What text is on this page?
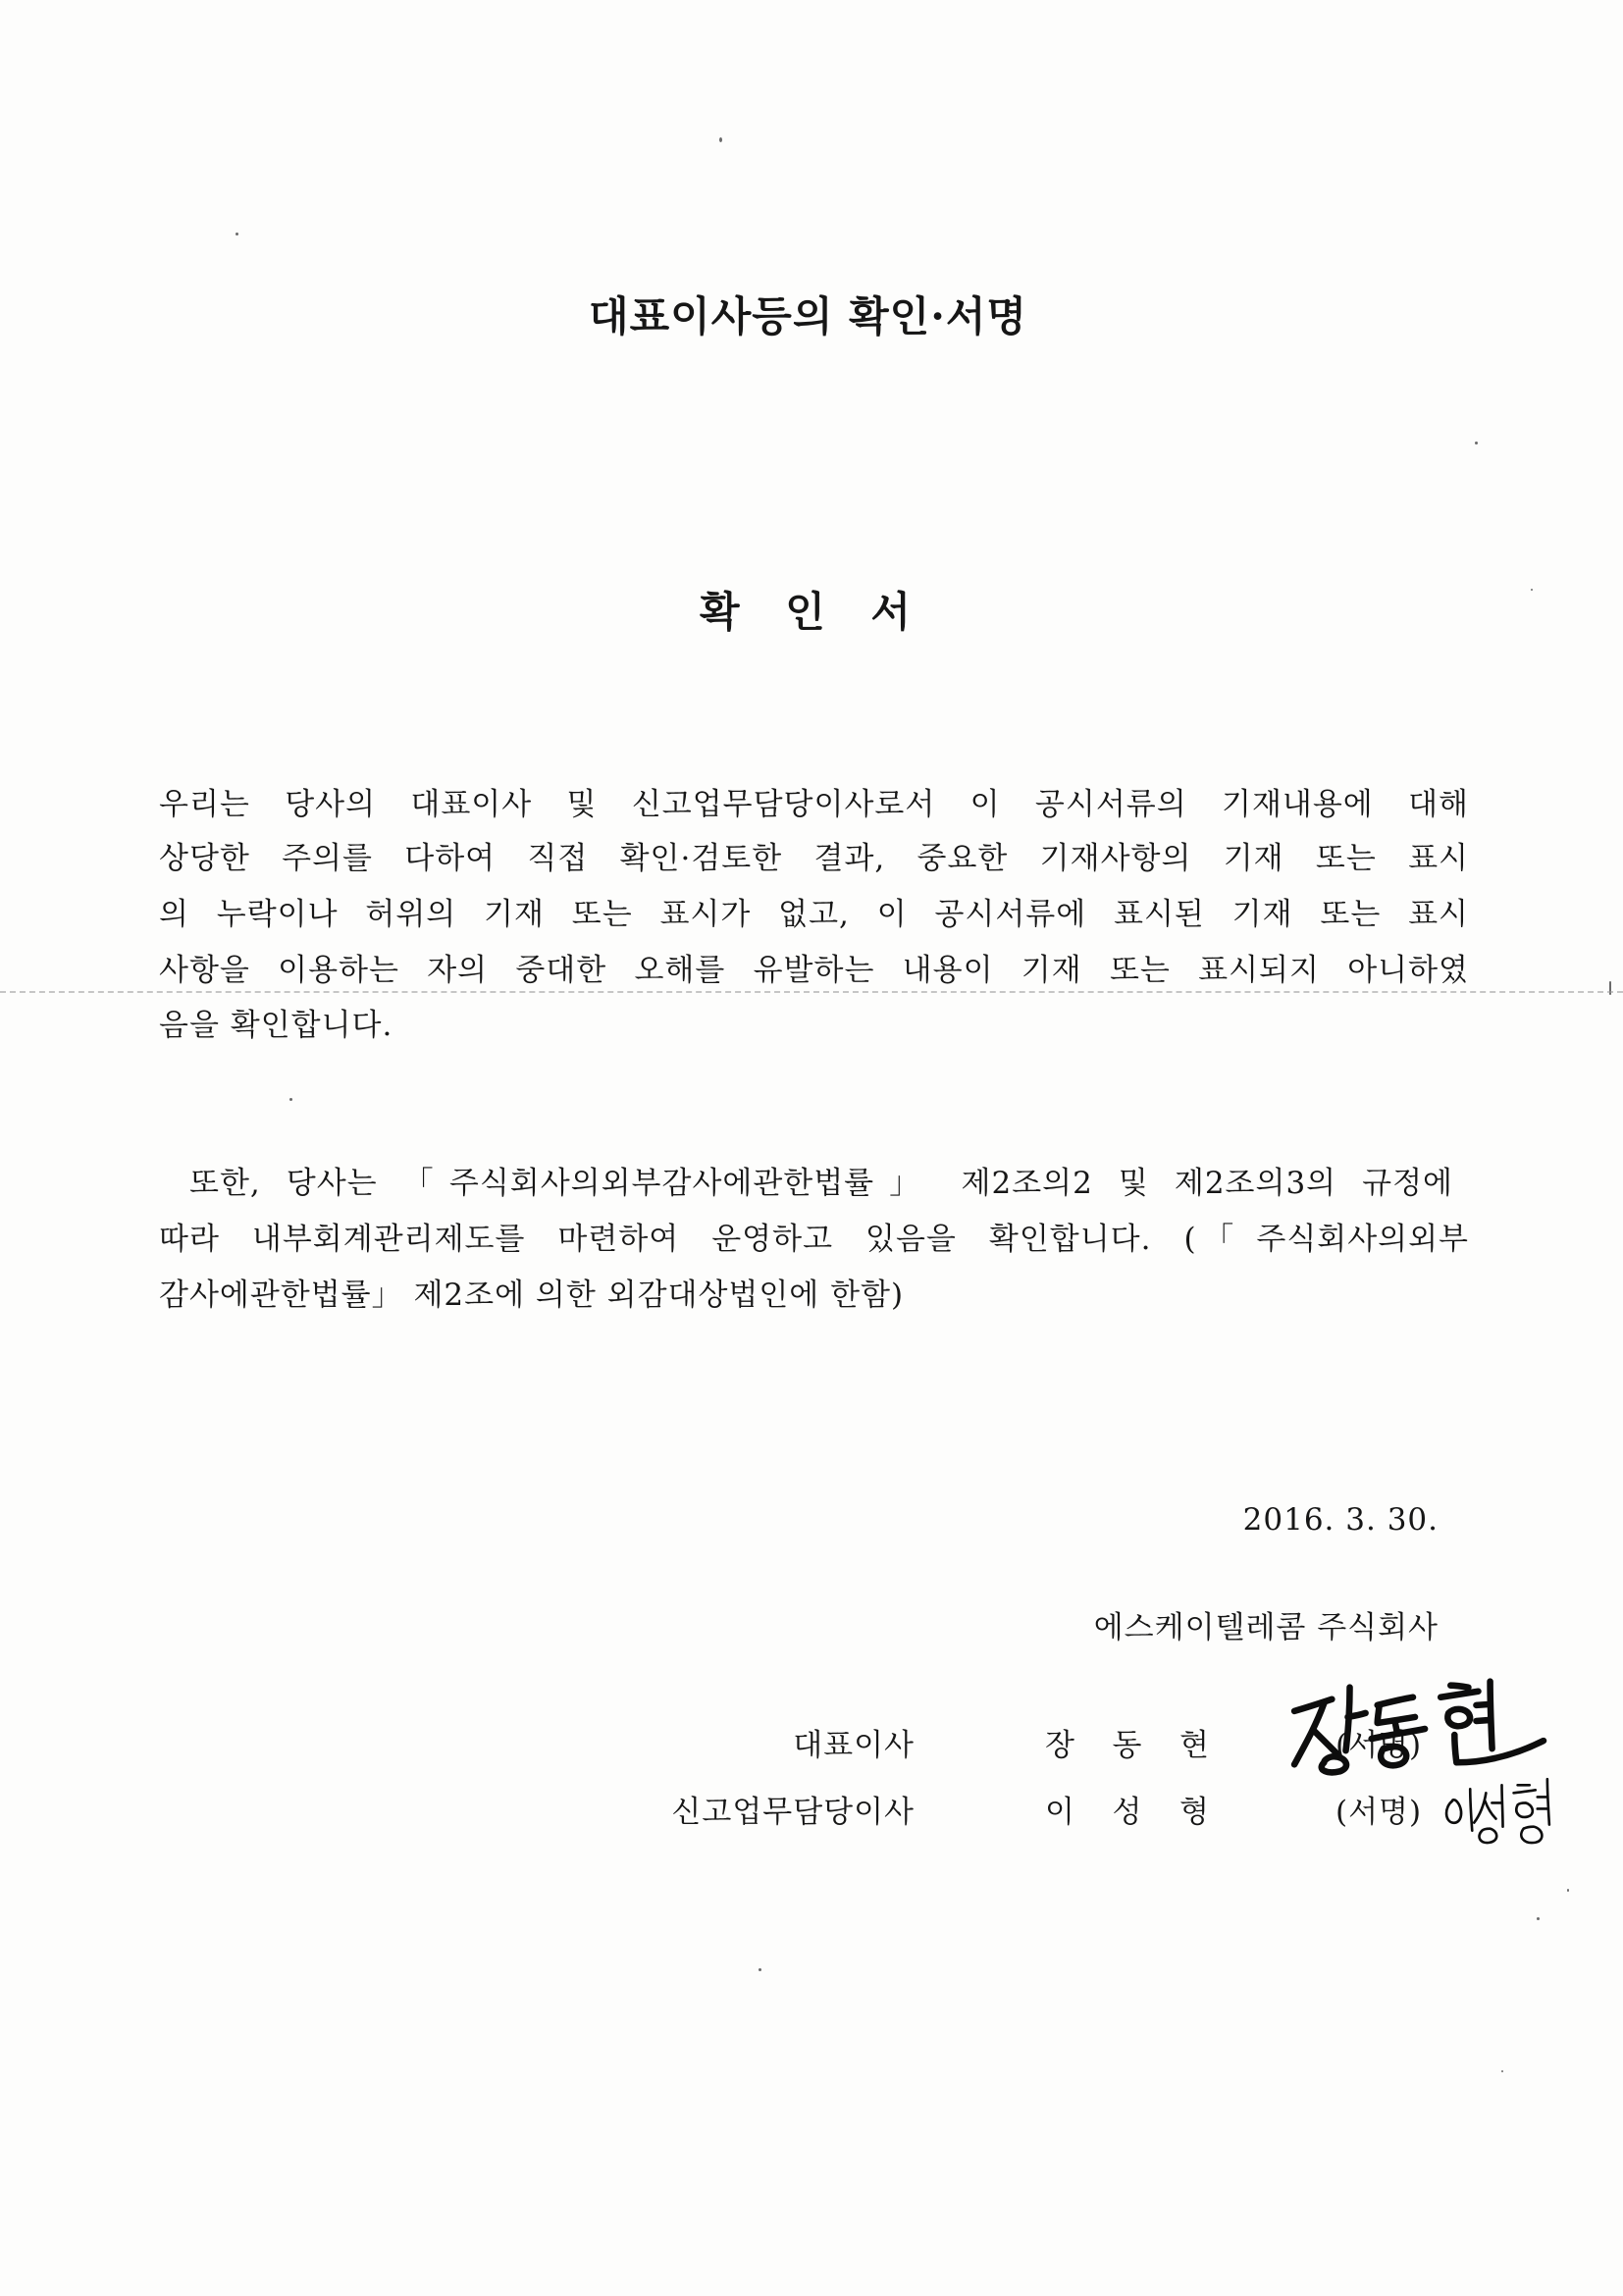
대표이사등의 확인·서명
확 인 서
우리는 당사의 대표이사 및 신고업무담당이사로서 이 공시서류의 기재내용에 대해
상당한 주의를 다하여 직접 확인·검토한 결과, 중요한 기재사항의 기재 또는 표시
의 누락이나 허위의 기재 또는 표시가 없고, 이 공시서류에 표시된 기재 또는 표시
사항을 이용하는 자의 중대한 오해를 유발하는 내용이 기재 또는 표시되지 아니하였
음을 확인합니다.
또한, 당사는 「주식회사의외부감사에관한법률」 제2조의2 및 제2조의3의 규정에
따라 내부회계관리제도를 마련하여 운영하고 있음을 확인합니다. (「주식회사의외부
감사에관한법률」 제2조에 의한 외감대상법인에 한함)
2016. 3. 30.
에스케이텔레콤 주식회사
대표이사	장 동 현	(서명)
신고업무담당이사	이 성 형	(서명)
